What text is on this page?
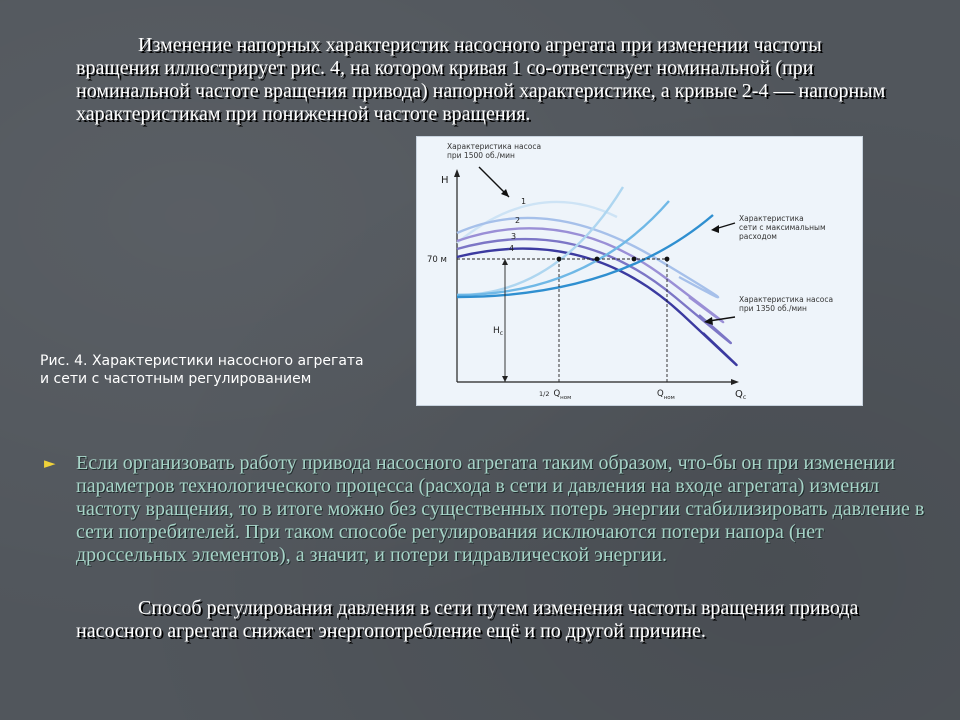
Изменение напорных характеристик насосного агрегата при изменении частоты вращения иллюстрирует рис. 4, на котором кривая 1 со-ответствует номинальной (при номинальной частоте вращения привода) напорной характеристике, а кривые 2-4 — напорным характеристикам при пониженной частоте вращения.

Характеристика насоса
при 1500 об./мин
Характеристика
сети с максимальным
расходом
Характеристика насоса
при 1350 об./мин
H
$Q_с$
70 м
$H_с$
1/2 $Q_{ном}$	$Q_{ном}$
1
2
3
4

Рис. 4. Характеристики насосного агрегата
и сети с частотным регулированием

► Если организовать работу привода насосного агрегата таким образом, что-бы он при изменении параметров технологического процесса (расхода в сети и давления на входе агрегата) изменял частоту вращения, то в итоге можно без существенных потерь энергии стабилизировать давление в сети потребителей. При таком способе регулирования исключаются потери напора (нет дроссельных элементов), а значит, и потери гидравлической энергии.

Способ регулирования давления в сети путем изменения частоты вращения привода насосного агрегата снижает энергопотребление ещё и по другой причине.
